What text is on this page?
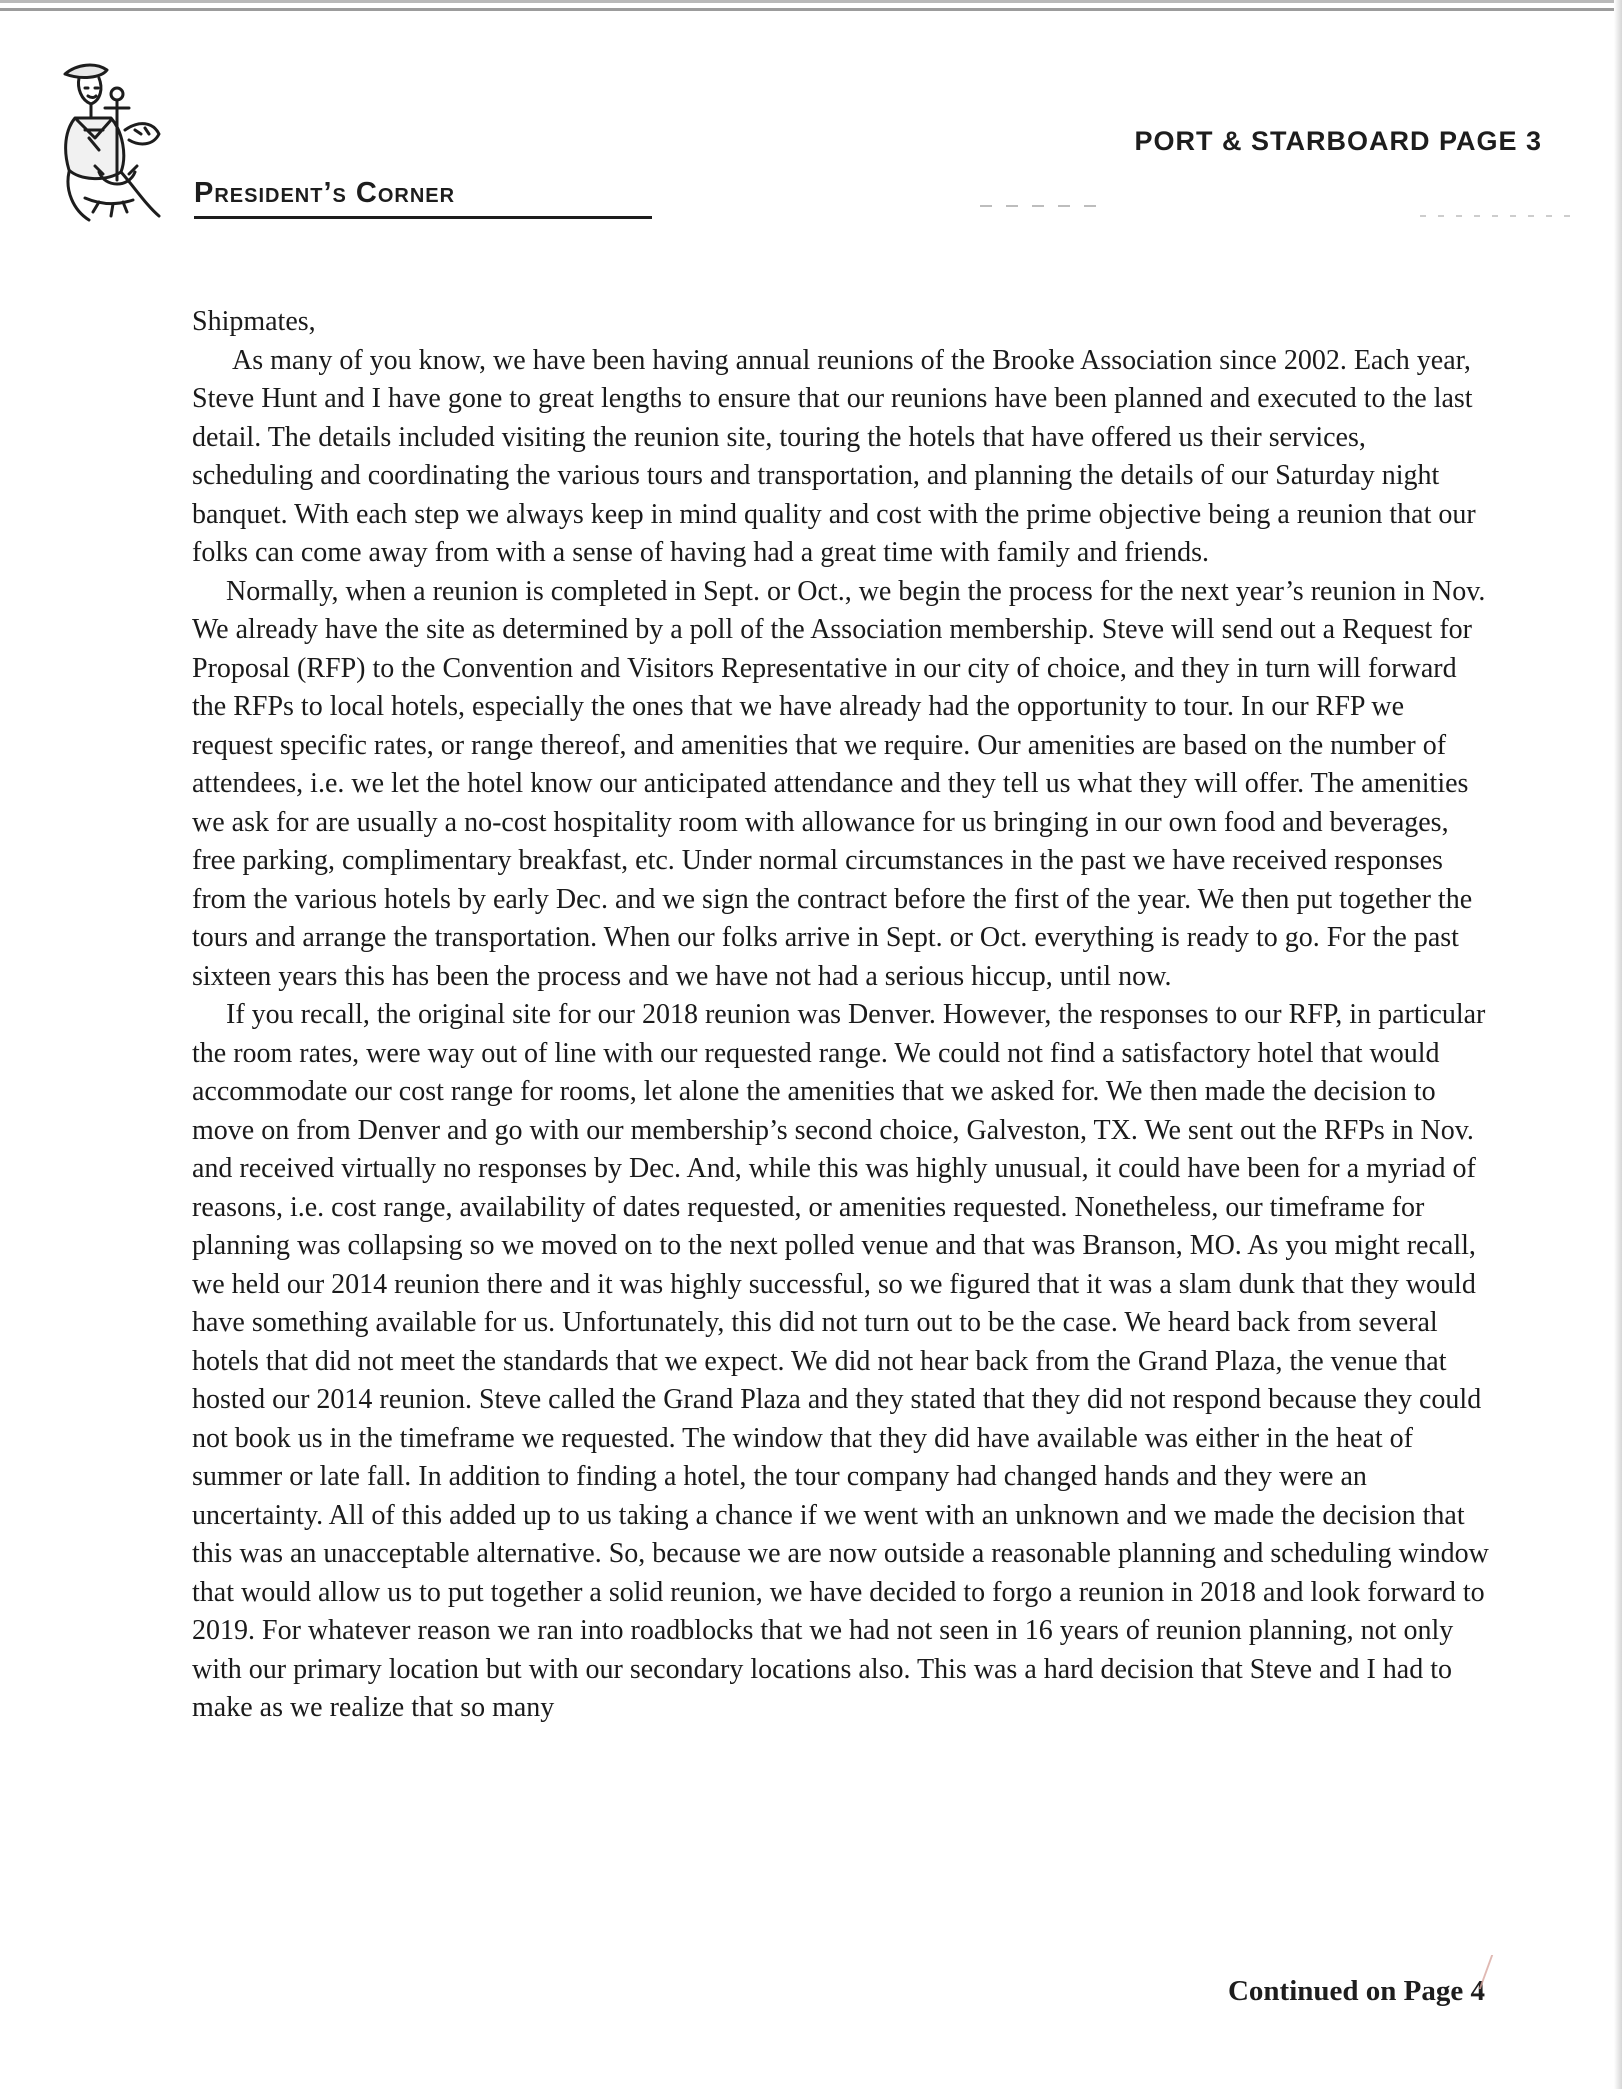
PORT & STARBOARD PAGE 3
President’s Corner

Shipmates,

As many of you know, we have been having annual reunions of the Brooke Association since 2002. Each year, Steve Hunt and I have gone to great lengths to ensure that our reunions have been planned and executed to the last detail. The details included visiting the reunion site, touring the hotels that have offered us their services, scheduling and coordinating the various tours and transportation, and planning the details of our Saturday night banquet. With each step we always keep in mind quality and cost with the prime objective being a reunion that our folks can come away from with a sense of having had a great time with family and friends.

Normally, when a reunion is completed in Sept. or Oct., we begin the process for the next year’s reunion in Nov. We already have the site as determined by a poll of the Association membership. Steve will send out a Request for Proposal (RFP) to the Convention and Visitors Representative in our city of choice, and they in turn will forward the RFPs to local hotels, especially the ones that we have already had the opportunity to tour. In our RFP we request specific rates, or range thereof, and amenities that we require. Our amenities are based on the number of attendees, i.e. we let the hotel know our anticipated attendance and they tell us what they will offer. The amenities we ask for are usually a no-cost hospitality room with allowance for us bringing in our own food and beverages, free parking, complimentary breakfast, etc. Under normal circumstances in the past we have received responses from the various hotels by early Dec. and we sign the contract before the first of the year. We then put together the tours and arrange the transportation. When our folks arrive in Sept. or Oct. everything is ready to go. For the past sixteen years this has been the process and we have not had a serious hiccup, until now.

If you recall, the original site for our 2018 reunion was Denver. However, the responses to our RFP, in particular the room rates, were way out of line with our requested range. We could not find a satisfactory hotel that would accommodate our cost range for rooms, let alone the amenities that we asked for. We then made the decision to move on from Denver and go with our membership’s second choice, Galveston, TX. We sent out the RFPs in Nov. and received virtually no responses by Dec. And, while this was highly unusual, it could have been for a myriad of reasons, i.e. cost range, availability of dates requested, or amenities requested. Nonetheless, our timeframe for planning was collapsing so we moved on to the next polled venue and that was Branson, MO. As you might recall, we held our 2014 reunion there and it was highly successful, so we figured that it was a slam dunk that they would have something available for us. Unfortunately, this did not turn out to be the case. We heard back from several hotels that did not meet the standards that we expect. We did not hear back from the Grand Plaza, the venue that hosted our 2014 reunion. Steve called the Grand Plaza and they stated that they did not respond because they could not book us in the timeframe we requested. The window that they did have available was either in the heat of summer or late fall. In addition to finding a hotel, the tour company had changed hands and they were an uncertainty. All of this added up to us taking a chance if we went with an unknown and we made the decision that this was an unacceptable alternative. So, because we are now outside a reasonable planning and scheduling window that would allow us to put together a solid reunion, we have decided to forgo a reunion in 2018 and look forward to 2019. For whatever reason we ran into roadblocks that we had not seen in 16 years of reunion planning, not only with our primary location but with our secondary locations also. This was a hard decision that Steve and I had to make as we realize that so many

Continued on Page 4
